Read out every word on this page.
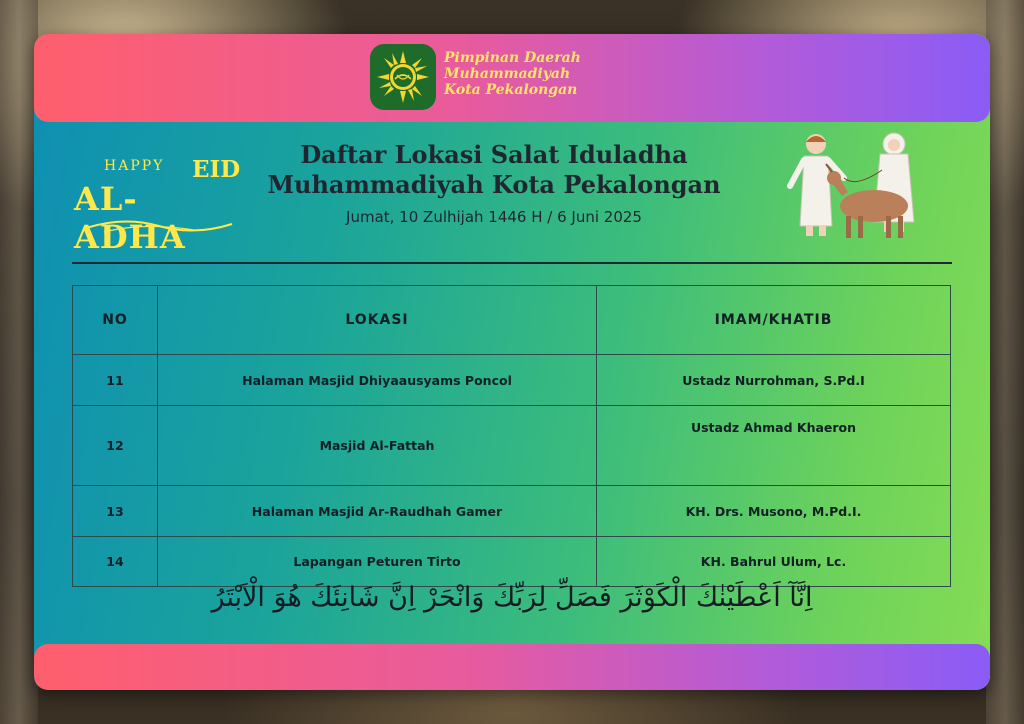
Pimpinan Daerah
Muhammadiyah
Kota Pekalongan
HAPPY EID
AL-ADHA
Daftar Lokasi Salat Iduladha
Muhammadiyah Kota Pekalongan
Jumat, 10 Zulhijah 1446 H / 6 Juni 2025
NO	LOKASI	IMAM/KHATIB
11	Halaman Masjid Dhiyaausyams Poncol	Ustadz Nurrohman, S.Pd.I
12	Masjid Al-Fattah	Ustadz Ahmad Khaeron
13	Halaman Masjid Ar-Raudhah Gamer	KH. Drs. Musono, M.Pd.I.
14	Lapangan Peturen Tirto	KH. Bahrul Ulum, Lc.
اِنَّآ اَعْطَيْنٰكَ الْكَوْثَرَ فَصَلِّ لِرَبِّكَ وَانْحَرْ اِنَّ شَانِئَكَ هُوَ الْاَبْتَرُ
